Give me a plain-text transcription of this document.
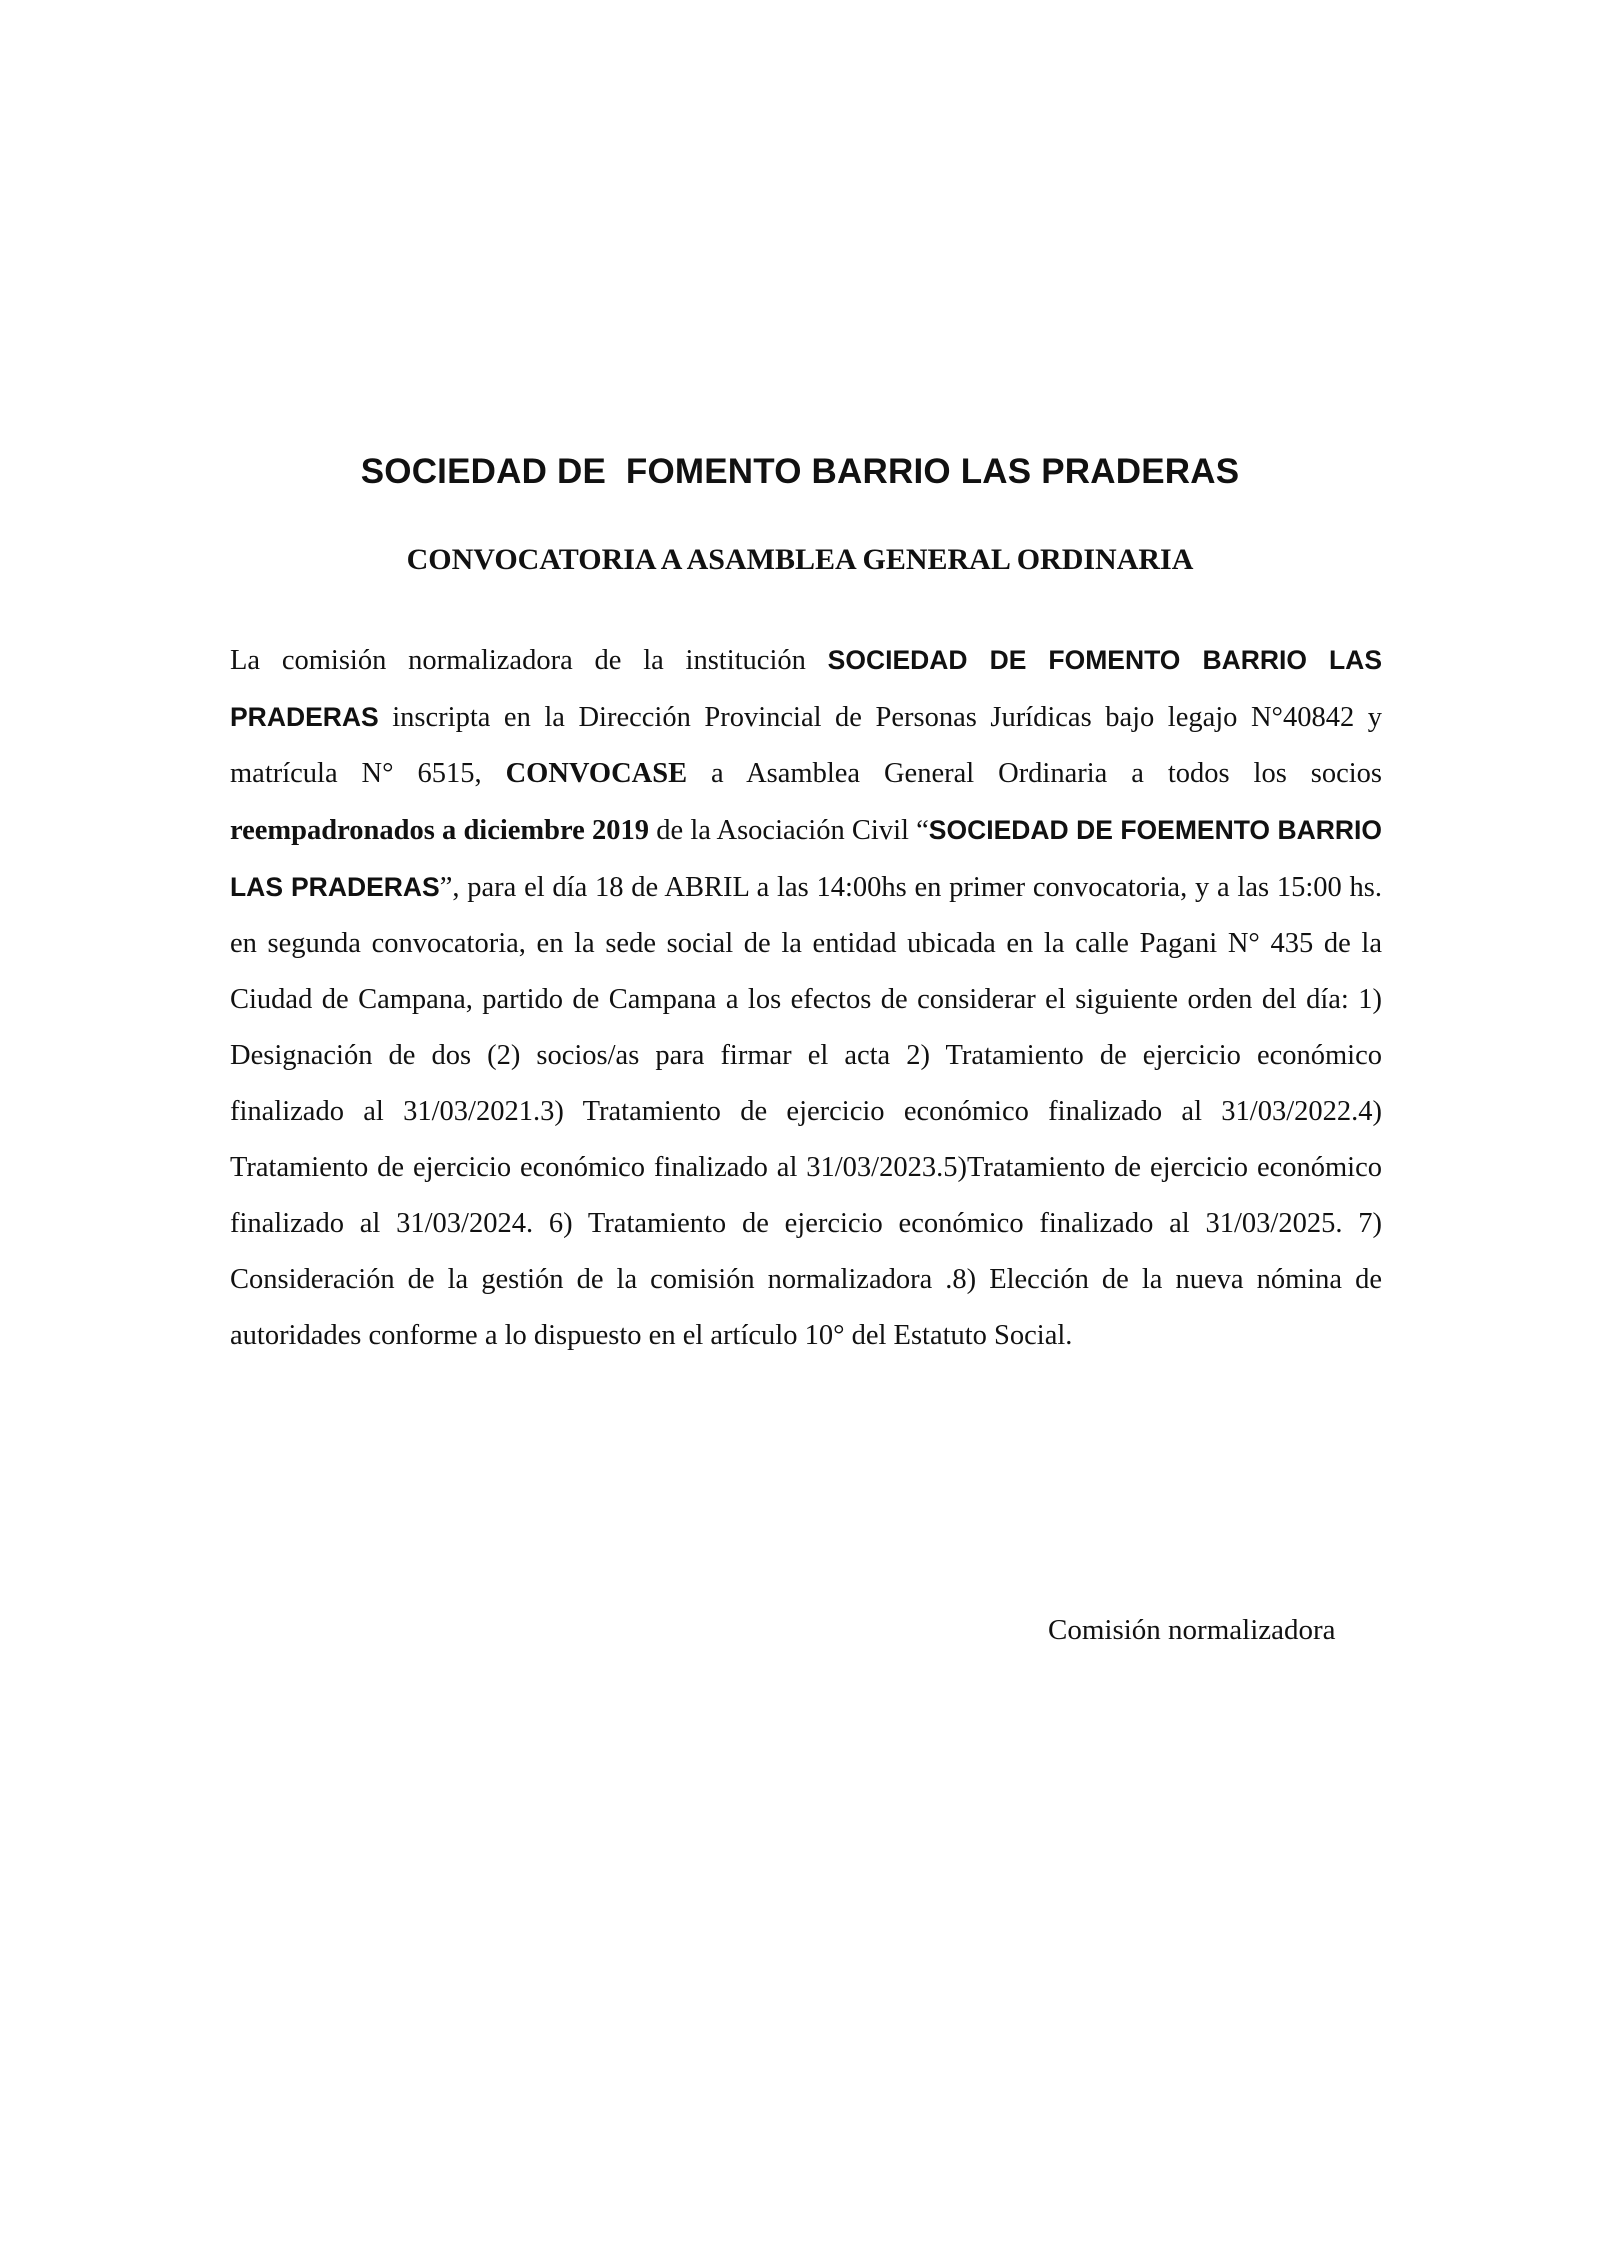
SOCIEDAD DE  FOMENTO BARRIO LAS PRADERAS
CONVOCATORIA A ASAMBLEA GENERAL ORDINARIA
La comisión normalizadora de la institución SOCIEDAD DE FOMENTO BARRIO LAS PRADERAS inscripta en la Dirección Provincial de Personas Jurídicas bajo legajo N°40842 y matrícula N° 6515, CONVOCASE a Asamblea General Ordinaria a todos los socios reempadronados a diciembre 2019 de la Asociación Civil “SOCIEDAD DE FOEMENTO BARRIO LAS PRADERAS”, para el día 18 de ABRIL a las 14:00hs en primer convocatoria, y a las 15:00 hs. en segunda convocatoria, en la sede social de la entidad ubicada en la calle Pagani N° 435 de la Ciudad de Campana, partido de Campana a los efectos de considerar el siguiente orden del día: 1) Designación de dos (2) socios/as para firmar el acta 2) Tratamiento de ejercicio económico finalizado al 31/03/2021.3) Tratamiento de ejercicio económico finalizado al 31/03/2022.4) Tratamiento de ejercicio económico finalizado al 31/03/2023.5)Tratamiento de ejercicio económico finalizado al 31/03/2024. 6) Tratamiento de ejercicio económico finalizado al 31/03/2025. 7) Consideración de la gestión de la comisión normalizadora .8) Elección de la nueva nómina de autoridades conforme a lo dispuesto en el artículo 10° del Estatuto Social.
Comisión normalizadora
